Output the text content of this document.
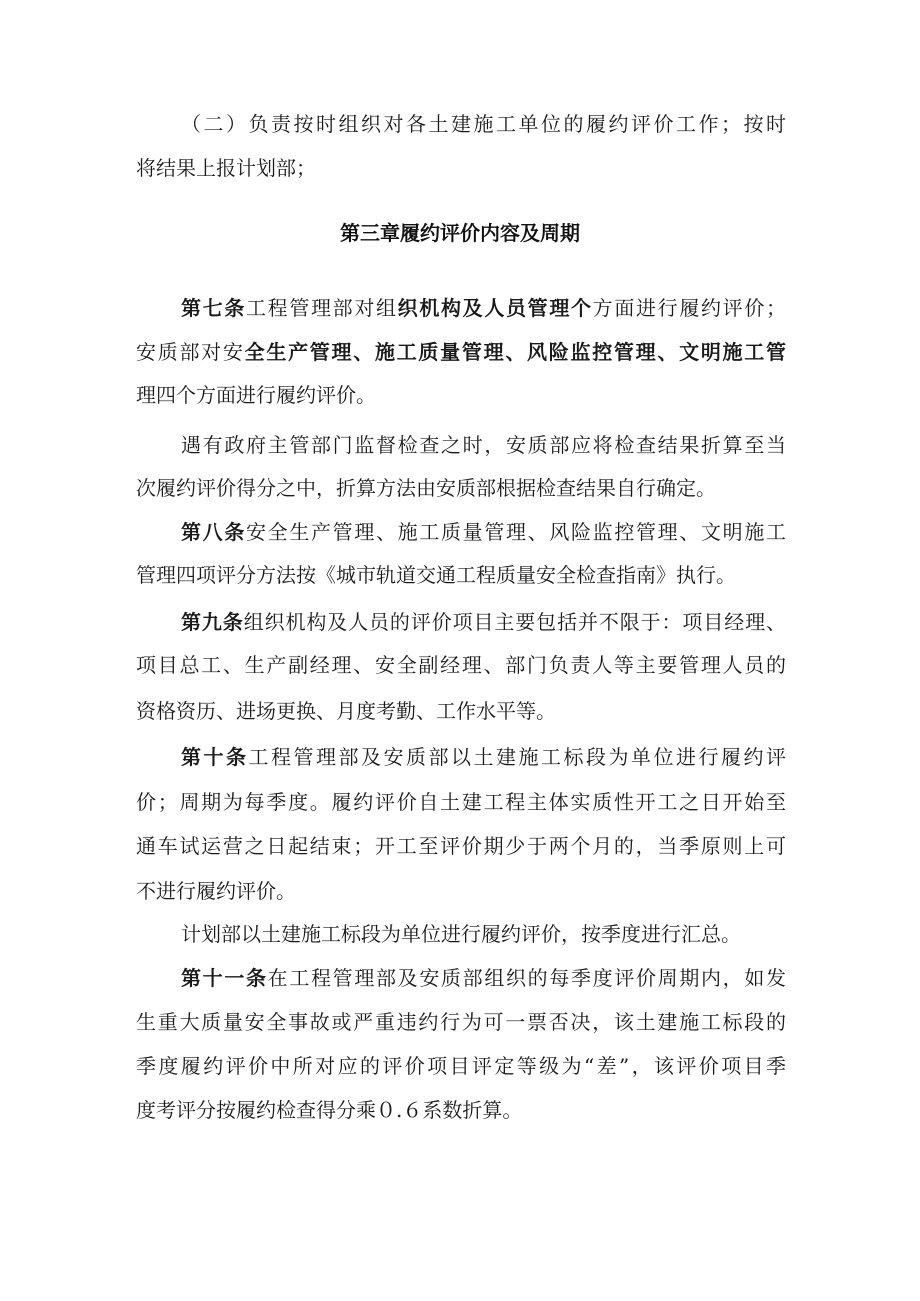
（二）负责按时组织对各土建施工单位的履约评价工作；按时
将结果上报计划部；
第三章履约评价内容及周期
第七条工程管理部对组织机构及人员管理个方面进行履约评价；
安质部对安全生产管理、施工质量管理、风险监控管理、文明施工管
理四个方面进行履约评价。
遇有政府主管部门监督检查之时，安质部应将检查结果折算至当
次履约评价得分之中，折算方法由安质部根据检查结果自行确定。
第八条安全生产管理、施工质量管理、风险监控管理、文明施工
管理四项评分方法按《城市轨道交通工程质量安全检查指南》执行。
第九条组织机构及人员的评价项目主要包括并不限于：项目经理、
项目总工、生产副经理、安全副经理、部门负责人等主要管理人员的
资格资历、进场更换、月度考勤、工作水平等。
第十条工程管理部及安质部以土建施工标段为单位进行履约评
价；周期为每季度。履约评价自土建工程主体实质性开工之日开始至
通车试运营之日起结束；开工至评价期少于两个月的，当季原则上可
不进行履约评价。
计划部以土建施工标段为单位进行履约评价，按季度进行汇总。
第十一条在工程管理部及安质部组织的每季度评价周期内，如发
生重大质量安全事故或严重违约行为可一票否决，该土建施工标段的
季度履约评价中所对应的评价项目评定等级为“差”，该评价项目季
度考评分按履约检查得分乘０.６系数折算。
